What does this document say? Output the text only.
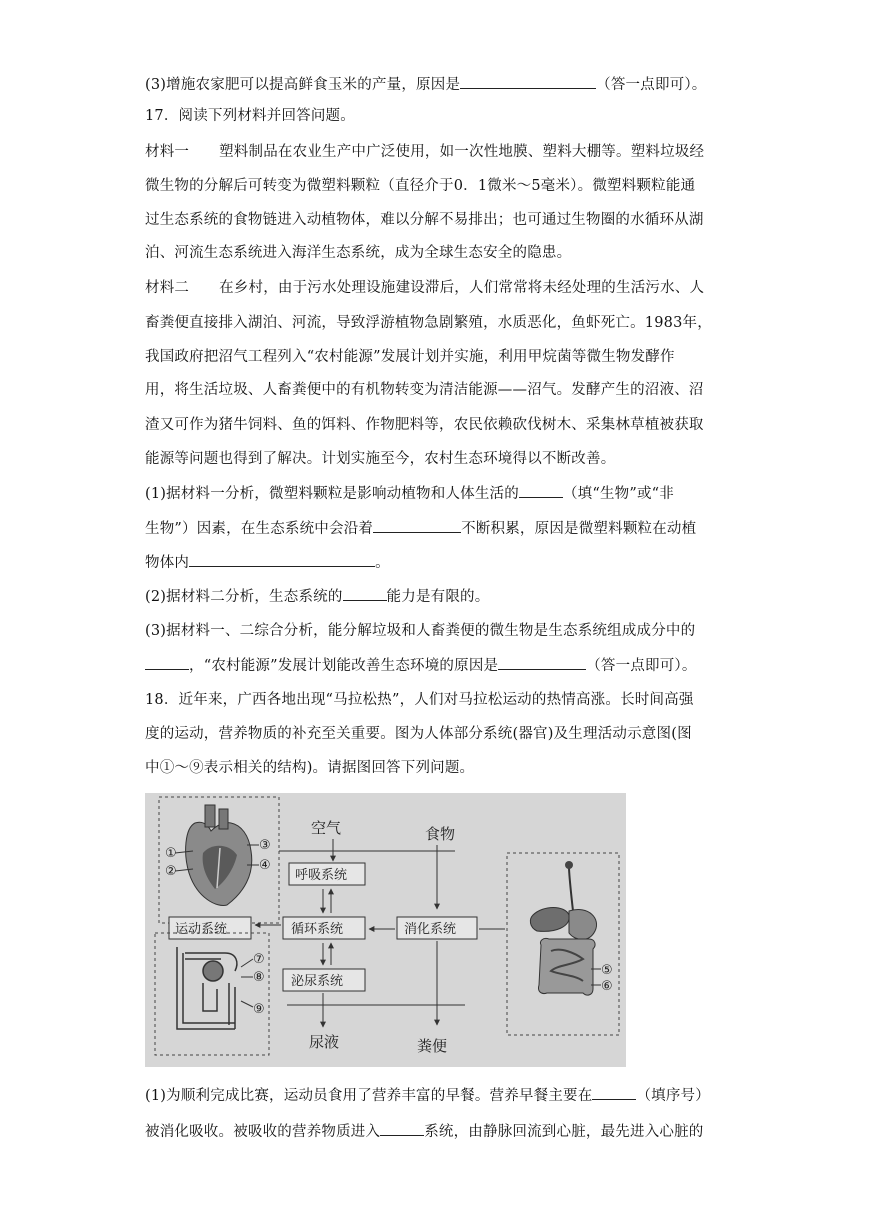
(3)增施农家肥可以提高鲜食玉米的产量，原因是	（答一点即可）。
17．阅读下列材料并回答问题。
材料一 塑料制品在农业生产中广泛使用，如一次性地膜、塑料大棚等。塑料垃圾经
微生物的分解后可转变为微塑料颗粒（直径介于0．1微米～5毫米）。微塑料颗粒能通
过生态系统的食物链进入动植物体，难以分解不易排出；也可通过生物圈的水循环从湖
泊、河流生态系统进入海洋生态系统，成为全球生态安全的隐患。
材料二 在乡村，由于污水处理设施建设滞后，人们常常将未经处理的生活污水、人
畜粪便直接排入湖泊、河流，导致浮游植物急剧繁殖，水质恶化，鱼虾死亡。1983年，
我国政府把沼气工程列入“农村能源”发展计划并实施，利用甲烷菌等微生物发酵作
用，将生活垃圾、人畜粪便中的有机物转变为清洁能源——沼气。发酵产生的沼液、沼
渣又可作为猪牛饲料、鱼的饵料、作物肥料等，农民依赖砍伐树木、采集林草植被获取
能源等问题也得到了解决。计划实施至今，农村生态环境得以不断改善。
(1)据材料一分析，微塑料颗粒是影响动植物和人体生活的	（填“生物”或“非
生物”）因素，在生态系统中会沿着	不断积累，原因是微塑料颗粒在动植
物体内	。
(2)据材料二分析，生态系统的	能力是有限的。
(3)据材料一、二综合分析，能分解垃圾和人畜粪便的微生物是生态系统组成成分中的
，“农村能源”发展计划能改善生态环境的原因是	（答一点即可）。
18．近年来，广西各地出现“马拉松热”，人们对马拉松运动的热情高涨。长时间高强
度的运动，营养物质的补充至关重要。图为人体部分系统(器官)及生理活动示意图(图
中①～⑨表示相关的结构)。请据图回答下列问题。
①
②
③
④
空气	食物
呼吸系统
循环系统
运动系统	消化系统
泌尿系统
尿液	粪便
⑦
⑧
⑨
⑤
⑥
(1)为顺利完成比赛，运动员食用了营养丰富的早餐。营养早餐主要在	（填序号）
被消化吸收。被吸收的营养物质进入	系统，由静脉回流到心脏，最先进入心脏的
